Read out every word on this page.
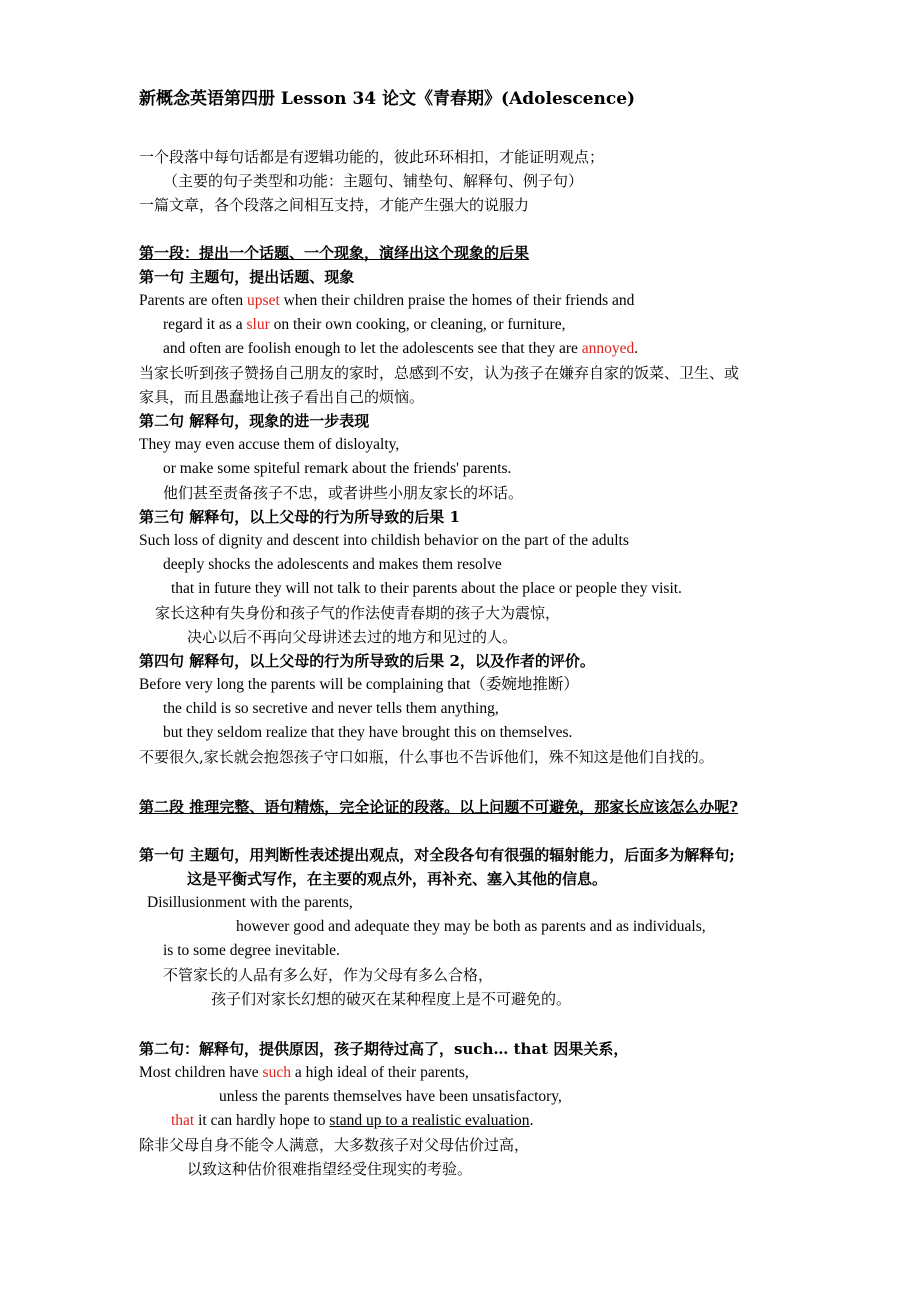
新概念英语第四册 Lesson 34 论文《青春期》(Adolescence)
一个段落中每句话都是有逻辑功能的，彼此环环相扣，才能证明观点；
（主要的句子类型和功能：主题句、铺垫句、解释句、例子句）
一篇文章，各个段落之间相互支持，才能产生强大的说服力
第一段：提出一个话题、一个现象，演绎出这个现象的后果
第一句 主题句，提出话题、现象
Parents are often upset when their children praise the homes of their friends and
regard it as a slur on their own cooking, or cleaning, or furniture,
and often are foolish enough to let the adolescents see that they are annoyed.
当家长听到孩子赞扬自己朋友的家时，总感到不安，认为孩子在嫌弃自家的饭菜、卫生、或
家具，而且愚蠢地让孩子看出自己的烦恼。
第二句 解释句，现象的进一步表现
They may even accuse them of disloyalty,
or make some spiteful remark about the friends' parents.
他们甚至责备孩子不忠，或者讲些小朋友家长的坏话。
第三句 解释句，以上父母的行为所导致的后果 1
Such loss of dignity and descent into childish behavior on the part of the adults
deeply shocks the adolescents and makes them resolve
that in future they will not talk to their parents about the place or people they visit.
家长这种有失身份和孩子气的作法使青春期的孩子大为震惊，
决心以后不再向父母讲述去过的地方和见过的人。
第四句 解释句，以上父母的行为所导致的后果 2，以及作者的评价。
Before very long the parents will be complaining that（委婉地推断）
the child is so secretive and never tells them anything,
but they seldom realize that they have brought this on themselves.
不要很久,家长就会抱怨孩子守口如瓶，什么事也不告诉他们，殊不知这是他们自找的。
第二段 推理完整、语句精炼，完全论证的段落。以上问题不可避免，那家长应该怎么办呢?
第一句 主题句，用判断性表述提出观点，对全段各句有很强的辐射能力，后面多为解释句;
这是平衡式写作，在主要的观点外，再补充、塞入其他的信息。
Disillusionment with the parents,
however good and adequate they may be both as parents and as individuals,
is to some degree inevitable.
不管家长的人品有多么好，作为父母有多么合格，
孩子们对家长幻想的破灭在某种程度上是不可避免的。
第二句：解释句，提供原因，孩子期待过高了，such… that 因果关系，
Most children have such a high ideal of their parents,
unless the parents themselves have been unsatisfactory,
that it can hardly hope to stand up to a realistic evaluation.
除非父母自身不能令人满意，大多数孩子对父母估价过高，
以致这种估价很难指望经受住现实的考验。
